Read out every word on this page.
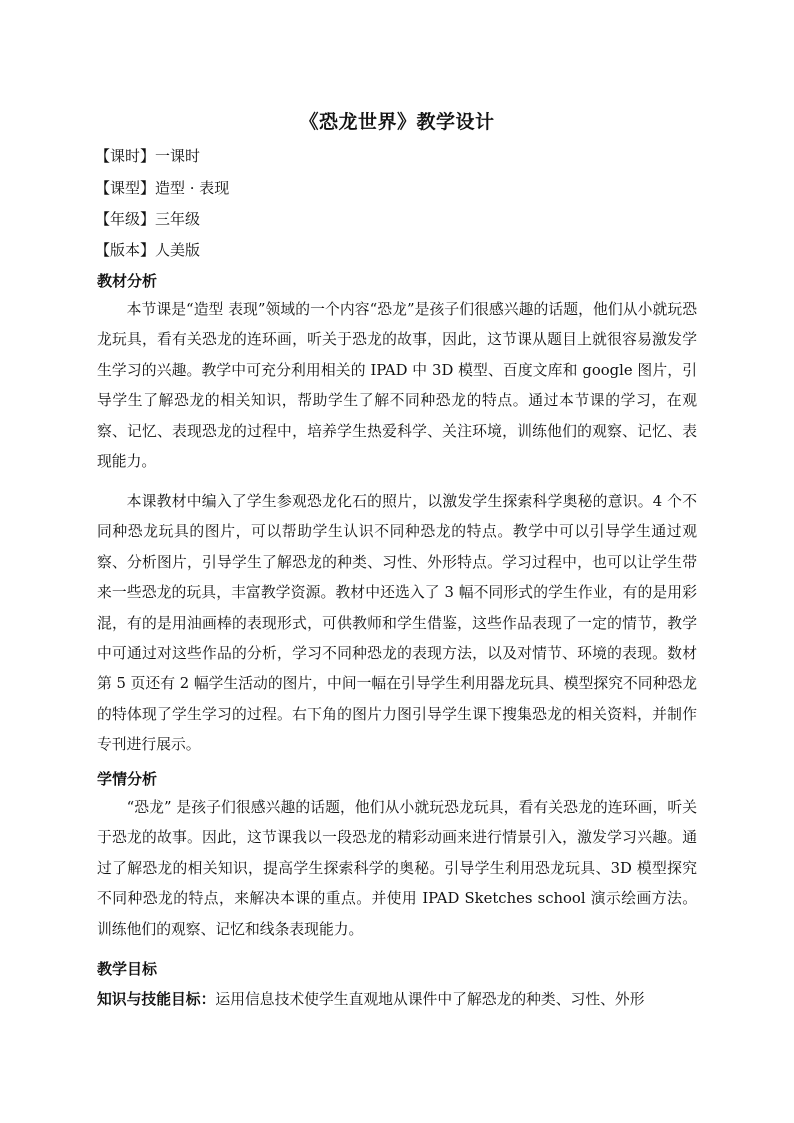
《恐龙世界》教学设计
【课时】一课时
【课型】造型 · 表现
【年级】三年级
【版本】人美版
教材分析

本节课是“造型 表现”领域的一个内容“恐龙”是孩子们很感兴趣的话题，他们从小就玩恐龙玩具，看有关恐龙的连环画，听关于恐龙的故事，因此，这节课从题目上就很容易激发学生学习的兴趣。教学中可充分利用相关的 IPAD 中 3D 模型、百度文库和 google 图片，引导学生了解恐龙的相关知识，帮助学生了解不同种恐龙的特点。通过本节课的学习，在观察、记忆、表现恐龙的过程中，培养学生热爱科学、关注环境，训练他们的观察、记忆、表现能力。

本课教材中编入了学生参观恐龙化石的照片，以激发学生探索科学奥秘的意识。4 个不同种恐龙玩具的图片，可以帮助学生认识不同种恐龙的特点。教学中可以引导学生通过观察、分析图片，引导学生了解恐龙的种类、习性、外形特点。学习过程中，也可以让学生带来一些恐龙的玩具，丰富教学资源。教材中还选入了 3 幅不同形式的学生作业，有的是用彩混，有的是用油画棒的表现形式，可供教师和学生借鉴，这些作品表现了一定的情节，教学中可通过对这些作品的分析，学习不同种恐龙的表现方法，以及对情节、环境的表现。数材第 5 页还有 2 幅学生活动的图片，中间一幅在引导学生利用器龙玩具、模型探究不同种恐龙的特体现了学生学习的过程。右下角的图片力图引导学生课下搜集恐龙的相关资料，并制作专刊进行展示。

学情分析

“恐龙” 是孩子们很感兴趣的话题，他们从小就玩恐龙玩具，看有关恐龙的连环画，听关于恐龙的故事。因此，这节课我以一段恐龙的精彩动画来进行情景引入，激发学习兴趣。通过了解恐龙的相关知识，提高学生探索科学的奥秘。引导学生利用恐龙玩具、3D 模型探究不同种恐龙的特点，来解决本课的重点。并使用 IPAD Sketches school 演示绘画方法。训练他们的观察、记忆和线条表现能力。

教学目标
知识与技能目标：运用信息技术使学生直观地从课件中了解恐龙的种类、习性、外形
